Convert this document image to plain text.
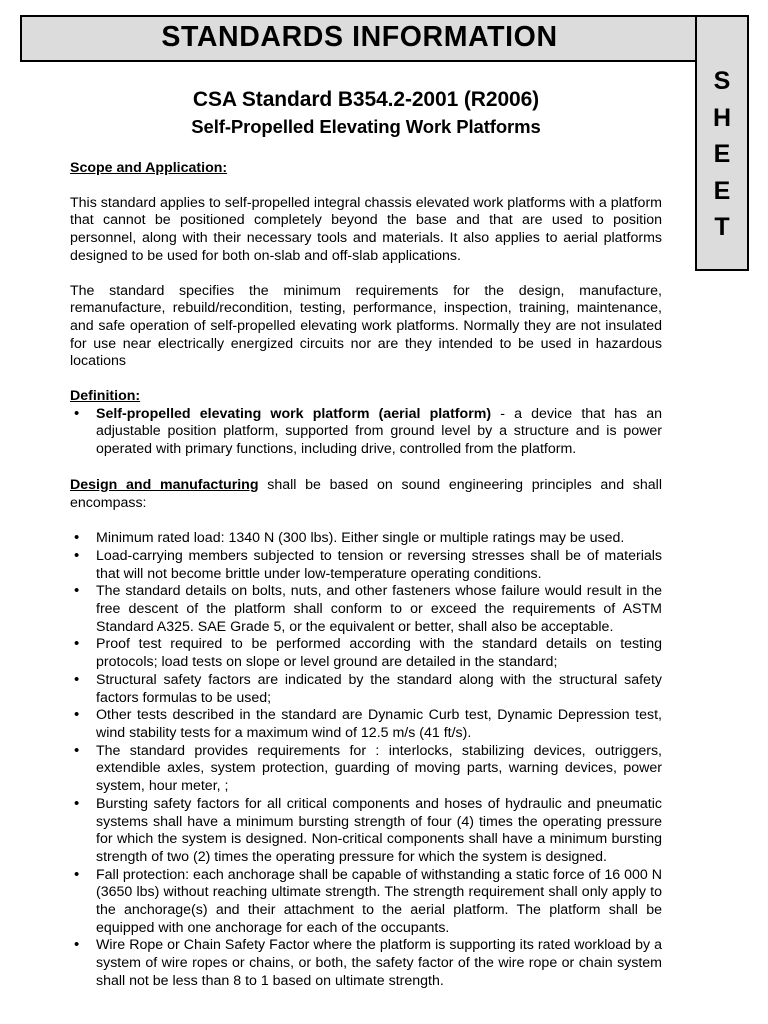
STANDARDS INFORMATION
S
H
E
E
T
CSA Standard B354.2-2001 (R2006)
Self-Propelled Elevating Work Platforms
Scope and Application:

This standard applies to self-propelled integral chassis elevated work platforms with a platform that cannot be positioned completely beyond the base and that are used to position personnel, along with their necessary tools and materials. It also applies to aerial platforms designed to be used for both on-slab and off-slab applications.

The standard specifies the minimum requirements for the design, manufacture, remanufacture, rebuild/recondition, testing, performance, inspection, training, maintenance, and safe operation of self-propelled elevating work platforms. Normally they are not insulated for use near electrically energized circuits nor are they intended to be used in hazardous locations

Definition:
• Self-propelled elevating work platform (aerial platform) - a device that has an adjustable position platform, supported from ground level by a structure and is power operated with primary functions, including drive, controlled from the platform.

Design and manufacturing shall be based on sound engineering principles and shall encompass:

• Minimum rated load: 1340 N (300 lbs). Either single or multiple ratings may be used.
• Load-carrying members subjected to tension or reversing stresses shall be of materials that will not become brittle under low-temperature operating conditions.
• The standard details on bolts, nuts, and other fasteners whose failure would result in the free descent of the platform shall conform to or exceed the requirements of ASTM Standard A325. SAE Grade 5, or the equivalent or better, shall also be acceptable.
• Proof test required to be performed according with the standard details on testing protocols; load tests on slope or level ground are detailed in the standard;
• Structural safety factors are indicated by the standard along with the structural safety factors formulas to be used;
• Other tests described in the standard are Dynamic Curb test, Dynamic Depression test, wind stability tests for a maximum wind of 12.5 m/s (41 ft/s).
• The standard provides requirements for : interlocks, stabilizing devices, outriggers, extendible axles, system protection, guarding of moving parts, warning devices, power system, hour meter, ;
• Bursting safety factors for all critical components and hoses of hydraulic and pneumatic systems shall have a minimum bursting strength of four (4) times the operating pressure for which the system is designed. Non-critical components shall have a minimum bursting strength of two (2) times the operating pressure for which the system is designed.
• Fall protection: each anchorage shall be capable of withstanding a static force of 16 000 N (3650 lbs) without reaching ultimate strength. The strength requirement shall only apply to the anchorage(s) and their attachment to the aerial platform. The platform shall be equipped with one anchorage for each of the occupants.
• Wire Rope or Chain Safety Factor where the platform is supporting its rated workload by a system of wire ropes or chains, or both, the safety factor of the wire rope or chain system shall not be less than 8 to 1 based on ultimate strength.
